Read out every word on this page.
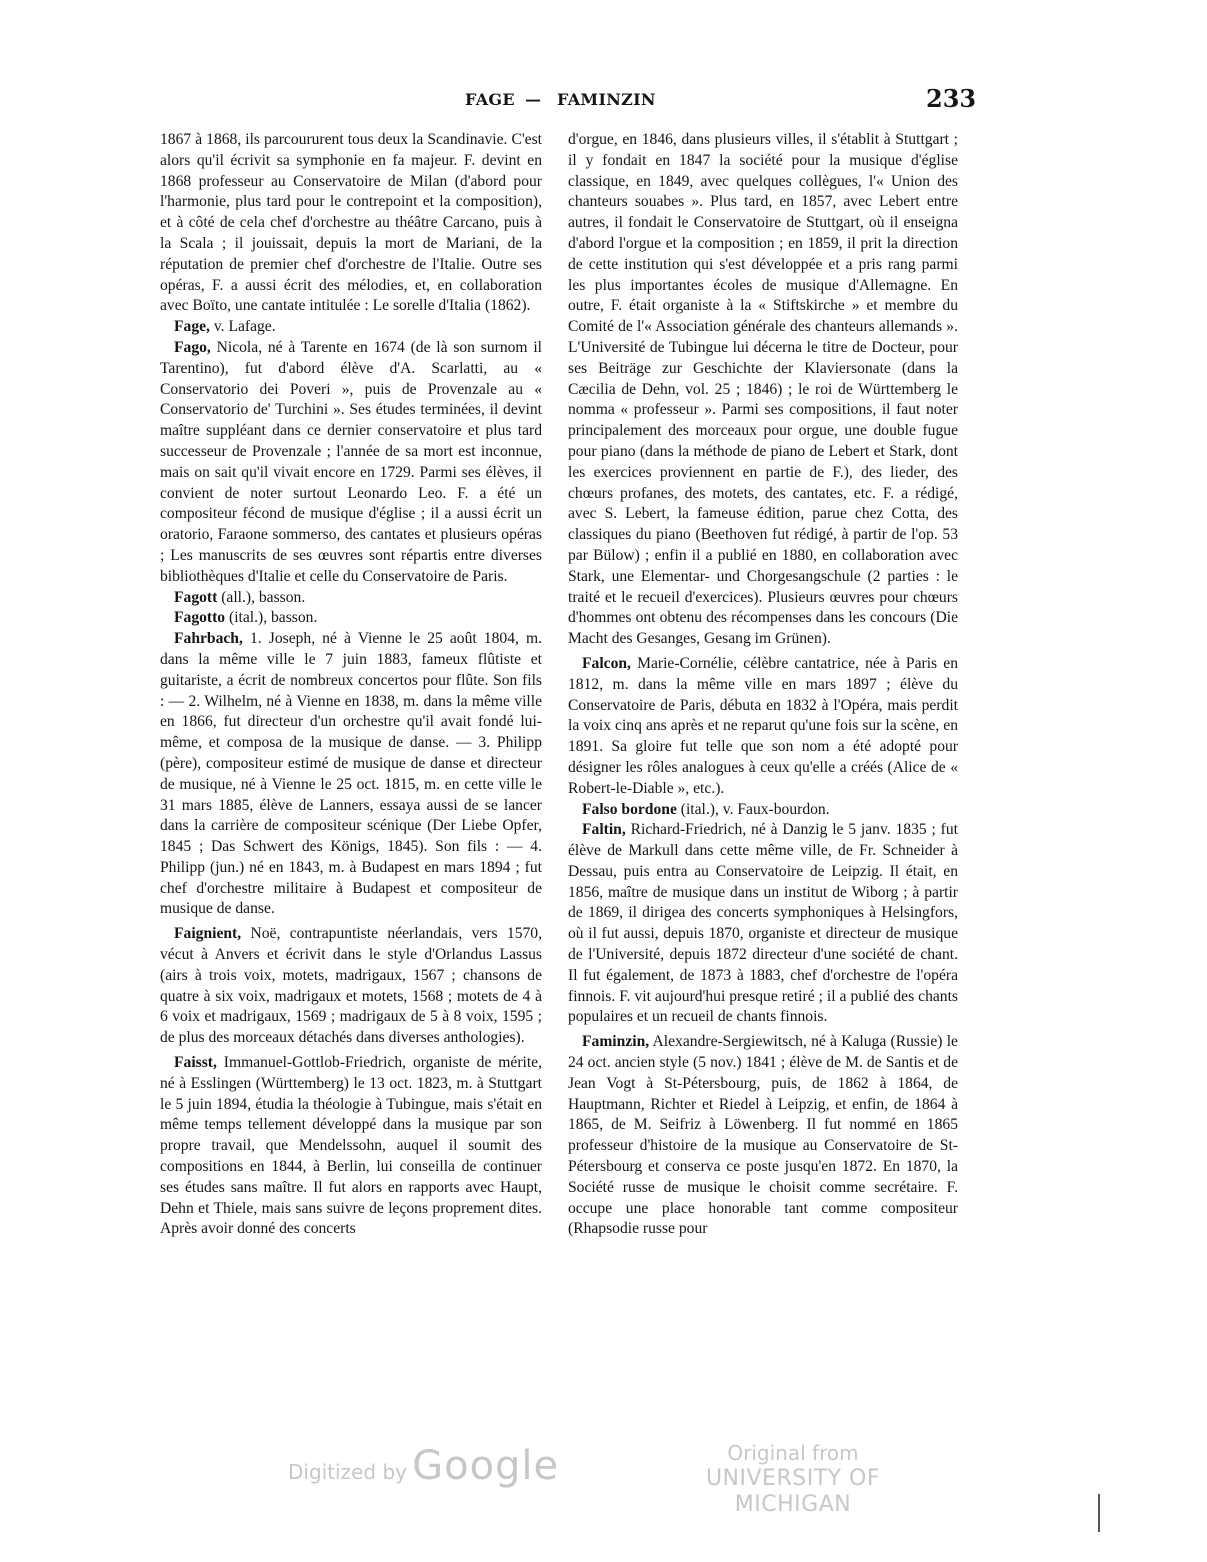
FAGE — FAMINZIN	233

1867 à 1868, ils parcoururent tous deux la Scandinavie. C'est alors qu'il écrivit sa symphonie en fa majeur. F. devint en 1868 professeur au Conservatoire de Milan (d'abord pour l'harmonie, plus tard pour le contrepoint et la composition), et à côté de cela chef d'orchestre au théâtre Carcano, puis à la Scala ; il jouissait, depuis la mort de Mariani, de la réputation de premier chef d'orchestre de l'Italie. Outre ses opéras, F. a aussi écrit des mélodies, et, en collaboration avec Boïto, une cantate intitulée : Le sorelle d'Italia (1862).

Fage, v. Lafage.

Fago, Nicola, né à Tarente en 1674 (de là son surnom il Tarentino), fut d'abord élève d'A. Scarlatti, au « Conservatorio dei Poveri », puis de Provenzale au « Conservatorio de' Turchini ». Ses études terminées, il devint maître suppléant dans ce dernier conservatoire et plus tard successeur de Provenzale ; l'année de sa mort est inconnue, mais on sait qu'il vivait encore en 1729. Parmi ses élèves, il convient de noter surtout Leonardo Leo. F. a été un compositeur fécond de musique d'église ; il a aussi écrit un oratorio, Faraone sommerso, des cantates et plusieurs opéras ; Les manuscrits de ses œuvres sont répartis entre diverses bibliothèques d'Italie et celle du Conservatoire de Paris.

Fagott (all.), basson.

Fagotto (ital.), basson.

Fahrbach, 1. Joseph, né à Vienne le 25 août 1804, m. dans la même ville le 7 juin 1883, fameux flûtiste et guitariste, a écrit de nombreux concertos pour flûte. Son fils : — 2. Wilhelm, né à Vienne en 1838, m. dans la même ville en 1866, fut directeur d'un orchestre qu'il avait fondé lui-même, et composa de la musique de danse. — 3. Philipp (père), compositeur estimé de musique de danse et directeur de musique, né à Vienne le 25 oct. 1815, m. en cette ville le 31 mars 1885, élève de Lanners, essaya aussi de se lancer dans la carrière de compositeur scénique (Der Liebe Opfer, 1845 ; Das Schwert des Königs, 1845). Son fils : — 4. Philipp (jun.) né en 1843, m. à Budapest en mars 1894 ; fut chef d'orchestre militaire à Budapest et compositeur de musique de danse.

Faignient, Noë, contrapuntiste néerlandais, vers 1570, vécut à Anvers et écrivit dans le style d'Orlandus Lassus (airs à trois voix, motets, madrigaux, 1567 ; chansons de quatre à six voix, madrigaux et motets, 1568 ; motets de 4 à 6 voix et madrigaux, 1569 ; madrigaux de 5 à 8 voix, 1595 ; de plus des morceaux détachés dans diverses anthologies).

Faisst, Immanuel-Gottlob-Friedrich, organiste de mérite, né à Esslingen (Württemberg) le 13 oct. 1823, m. à Stuttgart le 5 juin 1894, étudia la théologie à Tubingue, mais s'était en même temps tellement développé dans la musique par son propre travail, que Mendelssohn, auquel il soumit des compositions en 1844, à Berlin, lui conseilla de continuer ses études sans maître. Il fut alors en rapports avec Haupt, Dehn et Thiele, mais sans suivre de leçons proprement dites. Après avoir donné des concerts

d'orgue, en 1846, dans plusieurs villes, il s'établit à Stuttgart ; il y fondait en 1847 la société pour la musique d'église classique, en 1849, avec quelques collègues, l'« Union des chanteurs souabes ». Plus tard, en 1857, avec Lebert entre autres, il fondait le Conservatoire de Stuttgart, où il enseigna d'abord l'orgue et la composition ; en 1859, il prit la direction de cette institution qui s'est développée et a pris rang parmi les plus importantes écoles de musique d'Allemagne. En outre, F. était organiste à la « Stiftskirche » et membre du Comité de l'« Association générale des chanteurs allemands ». L'Université de Tubingue lui décerna le titre de Docteur, pour ses Beiträge zur Geschichte der Klaviersonate (dans la Cæcilia de Dehn, vol. 25 ; 1846) ; le roi de Württemberg le nomma « professeur ». Parmi ses compositions, il faut noter principalement des morceaux pour orgue, une double fugue pour piano (dans la méthode de piano de Lebert et Stark, dont les exercices proviennent en partie de F.), des lieder, des chœurs profanes, des motets, des cantates, etc. F. a rédigé, avec S. Lebert, la fameuse édition, parue chez Cotta, des classiques du piano (Beethoven fut rédigé, à partir de l'op. 53 par Bülow) ; enfin il a publié en 1880, en collaboration avec Stark, une Elementar- und Chorgesangschule (2 parties : le traité et le recueil d'exercices). Plusieurs œuvres pour chœurs d'hommes ont obtenu des récompenses dans les concours (Die Macht des Gesanges, Gesang im Grünen).

Falcon, Marie-Cornélie, célèbre cantatrice, née à Paris en 1812, m. dans la même ville en mars 1897 ; élève du Conservatoire de Paris, débuta en 1832 à l'Opéra, mais perdit la voix cinq ans après et ne reparut qu'une fois sur la scène, en 1891. Sa gloire fut telle que son nom a été adopté pour désigner les rôles analogues à ceux qu'elle a créés (Alice de « Robert-le-Diable », etc.).

Falso bordone (ital.), v. Faux-bourdon.

Faltin, Richard-Friedrich, né à Danzig le 5 janv. 1835 ; fut élève de Markull dans cette même ville, de Fr. Schneider à Dessau, puis entra au Conservatoire de Leipzig. Il était, en 1856, maître de musique dans un institut de Wiborg ; à partir de 1869, il dirigea des concerts symphoniques à Helsingfors, où il fut aussi, depuis 1870, organiste et directeur de musique de l'Université, depuis 1872 directeur d'une société de chant. Il fut également, de 1873 à 1883, chef d'orchestre de l'opéra finnois. F. vit aujourd'hui presque retiré ; il a publié des chants populaires et un recueil de chants finnois.

Faminzin, Alexandre-Sergiewitsch, né à Kaluga (Russie) le 24 oct. ancien style (5 nov.) 1841 ; élève de M. de Santis et de Jean Vogt à St-Pétersbourg, puis, de 1862 à 1864, de Hauptmann, Richter et Riedel à Leipzig, et enfin, de 1864 à 1865, de M. Seifriz à Löwenberg. Il fut nommé en 1865 professeur d'histoire de la musique au Conservatoire de St-Pétersbourg et conserva ce poste jusqu'en 1872. En 1870, la Société russe de musique le choisit comme secrétaire. F. occupe une place honorable tant comme compositeur (Rhapsodie russe pour

Digitized by Google	Original from
UNIVERSITY OF MICHIGAN
